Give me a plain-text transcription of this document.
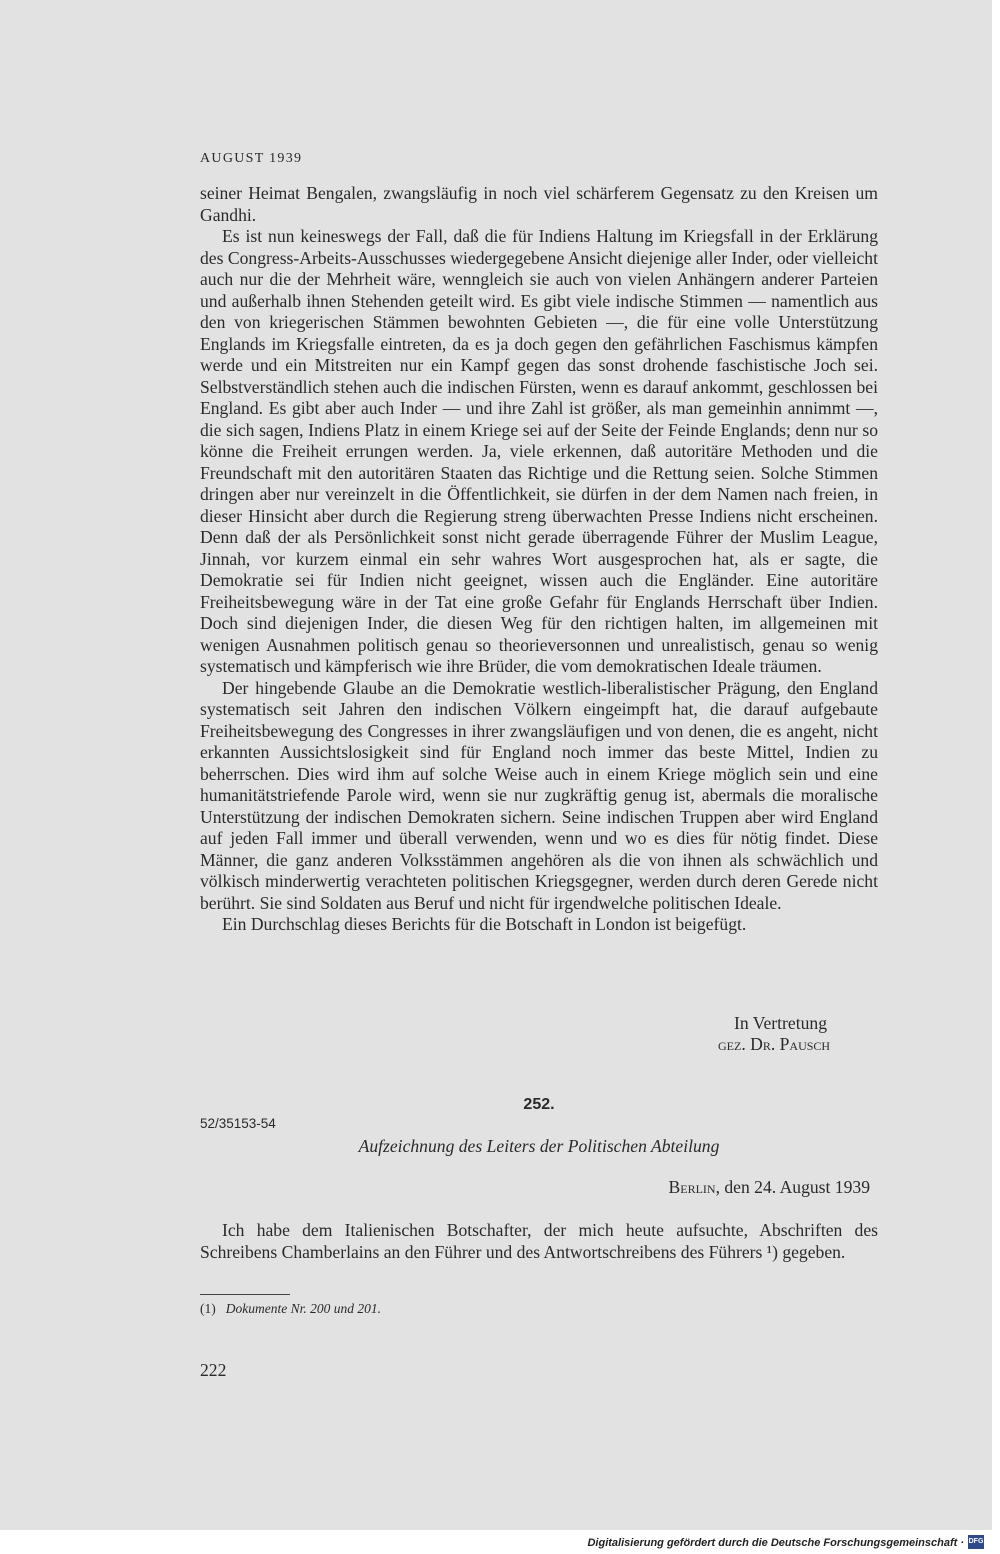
AUGUST 1939

seiner Heimat Bengalen, zwangsläufig in noch viel schärferem Gegensatz zu den Kreisen um Gandhi.

Es ist nun keineswegs der Fall, daß die für Indiens Haltung im Kriegsfall in der Erklärung des Congress-Arbeits-Ausschusses wiedergegebene Ansicht diejenige aller Inder, oder vielleicht auch nur die der Mehrheit wäre, wenngleich sie auch von vielen Anhängern anderer Parteien und außerhalb ihnen Stehenden geteilt wird. Es gibt viele indische Stimmen — namentlich aus den von kriegerischen Stämmen bewohnten Gebieten —, die für eine volle Unterstützung Englands im Kriegsfalle eintreten, da es ja doch gegen den gefährlichen Faschismus kämpfen werde und ein Mitstreiten nur ein Kampf gegen das sonst drohende faschistische Joch sei. Selbstverständlich stehen auch die indischen Fürsten, wenn es darauf ankommt, geschlossen bei England. Es gibt aber auch Inder — und ihre Zahl ist größer, als man gemeinhin annimmt —, die sich sagen, Indiens Platz in einem Kriege sei auf der Seite der Feinde Englands; denn nur so könne die Freiheit errungen werden. Ja, viele erkennen, daß autoritäre Methoden und die Freundschaft mit den autoritären Staaten das Richtige und die Rettung seien. Solche Stimmen dringen aber nur vereinzelt in die Öffentlichkeit, sie dürfen in der dem Namen nach freien, in dieser Hinsicht aber durch die Regierung streng überwachten Presse Indiens nicht erscheinen. Denn daß der als Persönlichkeit sonst nicht gerade überragende Führer der Muslim League, Jinnah, vor kurzem einmal ein sehr wahres Wort ausgesprochen hat, als er sagte, die Demokratie sei für Indien nicht geeignet, wissen auch die Engländer. Eine autoritäre Freiheitsbewegung wäre in der Tat eine große Gefahr für Englands Herrschaft über Indien. Doch sind diejenigen Inder, die diesen Weg für den richtigen halten, im allgemeinen mit wenigen Ausnahmen politisch genau so theorieversonnen und unrealistisch, genau so wenig systematisch und kämpferisch wie ihre Brüder, die vom demokratischen Ideale träumen.

Der hingebende Glaube an die Demokratie westlich-liberalistischer Prägung, den England systematisch seit Jahren den indischen Völkern eingeimpft hat, die darauf aufgebaute Freiheitsbewegung des Congresses in ihrer zwangsläufigen und von denen, die es angeht, nicht erkannten Aussichtslosigkeit sind für England noch immer das beste Mittel, Indien zu beherrschen. Dies wird ihm auf solche Weise auch in einem Kriege möglich sein und eine humanitätstriefende Parole wird, wenn sie nur zugkräftig genug ist, abermals die moralische Unterstützung der indischen Demokraten sichern. Seine indischen Truppen aber wird England auf jeden Fall immer und überall verwenden, wenn und wo es dies für nötig findet. Diese Männer, die ganz anderen Volksstämmen angehören als die von ihnen als schwächlich und völkisch minderwertig verachteten politischen Kriegsgegner, werden durch deren Gerede nicht berührt. Sie sind Soldaten aus Beruf und nicht für irgendwelche politischen Ideale.

Ein Durchschlag dieses Berichts für die Botschaft in London ist beigefügt.

In Vertretung
gez. Dr. Pausch
252.
52/35153-54
Aufzeichnung des Leiters der Politischen Abteilung
Berlin, den 24. August 1939
Ich habe dem Italienischen Botschafter, der mich heute aufsuchte, Abschriften des Schreibens Chamberlains an den Führer und des Antwortschreibens des Führers ¹) gegeben.
(1) Dokumente Nr. 200 und 201.
222
Digitalisierung gefördert durch die Deutsche Forschungsgemeinschaft · DFG
